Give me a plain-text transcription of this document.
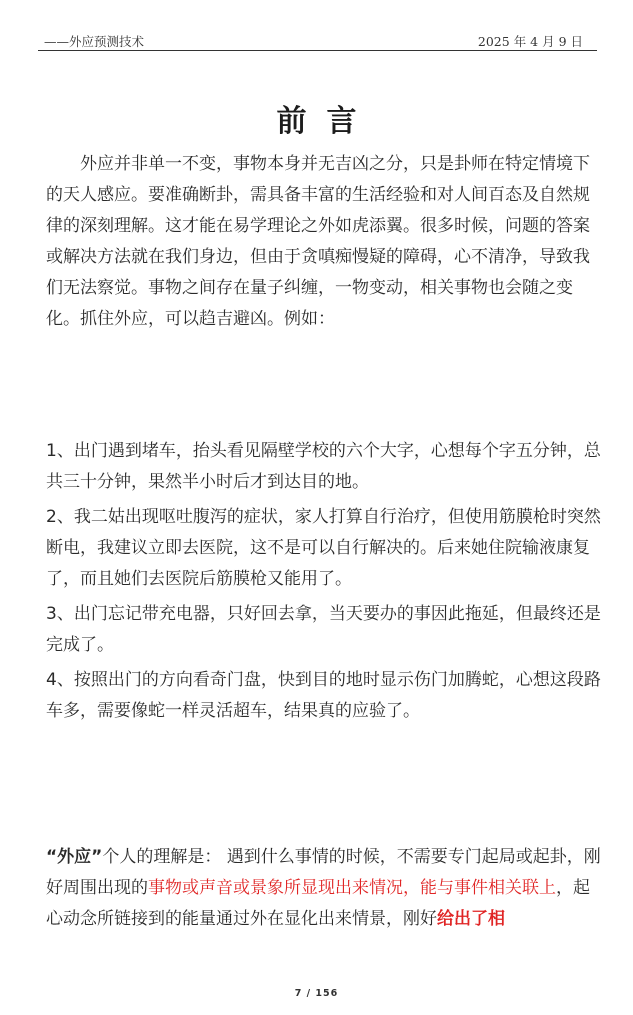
——外应预测技术	2025 年 4 月 9 日
前言
外应并非单一不变，事物本身并无吉凶之分，只是卦师在特定情境下的天人感应。要准确断卦，需具备丰富的生活经验和对人间百态及自然规律的深刻理解。这才能在易学理论之外如虎添翼。很多时候，问题的答案或解决方法就在我们身边，但由于贪嗔痴慢疑的障碍，心不清净，导致我们无法察觉。事物之间存在量子纠缠，一物变动，相关事物也会随之变化。抓住外应，可以趋吉避凶。例如：

1、出门遇到堵车，抬头看见隔壁学校的六个大字，心想每个字五分钟，总共三十分钟，果然半小时后才到达目的地。

2、我二姑出现呕吐腹泻的症状，家人打算自行治疗，但使用筋膜枪时突然断电，我建议立即去医院，这不是可以自行解决的。后来她住院输液康复了，而且她们去医院后筋膜枪又能用了。

3、出门忘记带充电器，只好回去拿，当天要办的事因此拖延，但最终还是完成了。

4、按照出门的方向看奇门盘，快到目的地时显示伤门加腾蛇，心想这段路车多，需要像蛇一样灵活超车，结果真的应验了。

“外应”个人的理解是： 遇到什么事情的时候，不需要专门起局或起卦，刚好周围出现的事物或声音或景象所显现出来情况，能与事件相关联上，起心动念所链接到的能量通过外在显化出来情景，刚好给出了相
7 / 156
